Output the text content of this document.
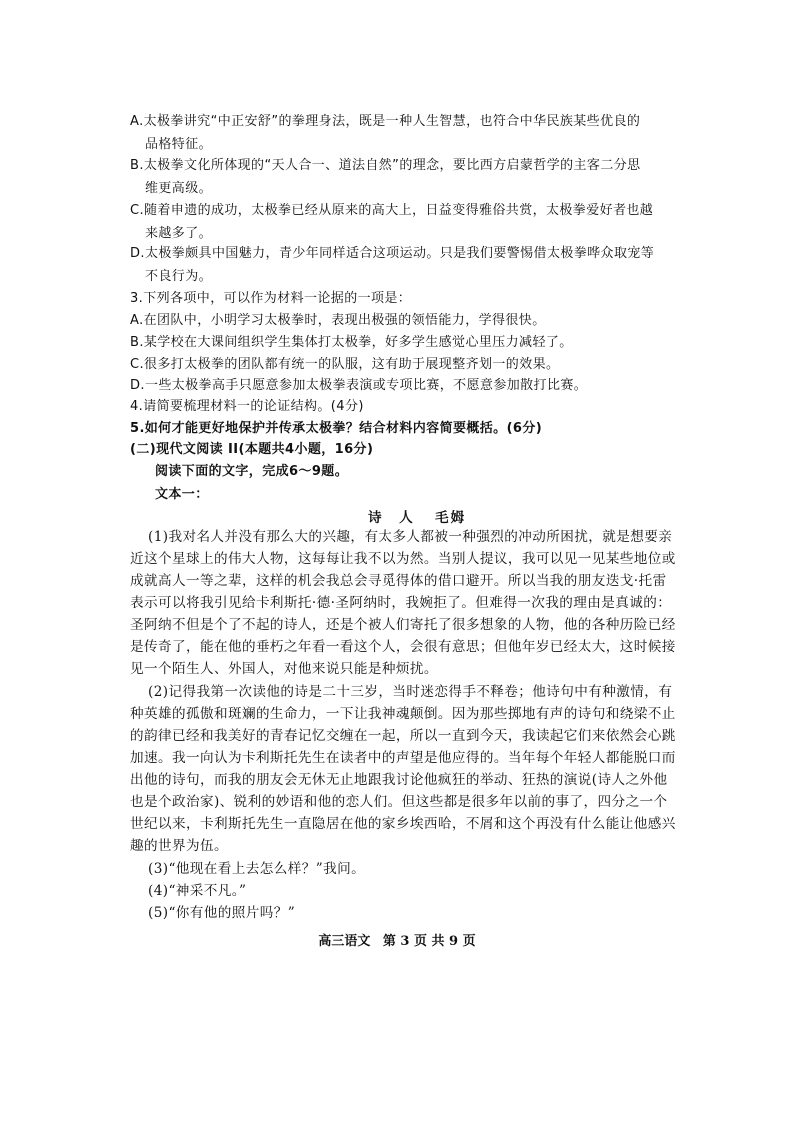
A.太极拳讲究“中正安舒”的拳理身法，既是一种人生智慧，也符合中华民族某些优良的
品格特征。
B.太极拳文化所体现的“天人合一、道法自然”的理念，要比西方启蒙哲学的主客二分思
维更高级。
C.随着申遗的成功，太极拳已经从原来的高大上，日益变得雅俗共赏，太极拳爱好者也越
来越多了。
D.太极拳颇具中国魅力，青少年同样适合这项运动。只是我们要警惕借太极拳哗众取宠等
不良行为。
3.下列各项中，可以作为材料一论据的一项是：
A.在团队中，小明学习太极拳时，表现出极强的领悟能力，学得很快。
B.某学校在大课间组织学生集体打太极拳，好多学生感觉心里压力减轻了。
C.很多打太极拳的团队都有统一的队服，这有助于展现整齐划一的效果。
D.一些太极拳高手只愿意参加太极拳表演或专项比赛，不愿意参加散打比赛。
4.请简要梳理材料一的论证结构。(4分)
5.如何才能更好地保护并传承太极拳？结合材料内容简要概括。(6分)
(二)现代文阅读 II(本题共4小题，16分)
阅读下面的文字，完成6～9题。
文本一：
诗　人 毛姆
(1)我对名人并没有那么大的兴趣，有太多人都被一种强烈的冲动所困扰，就是想要亲
近这个星球上的伟大人物，这每每让我不以为然。当别人提议，我可以见一见某些地位或
成就高人一等之辈，这样的机会我总会寻觅得体的借口避开。所以当我的朋友迭戈·托雷
表示可以将我引见给卡利斯托·德·圣阿纳时，我婉拒了。但难得一次我的理由是真诚的：
圣阿纳不但是个了不起的诗人，还是个被人们寄托了很多想象的人物，他的各种历险已经
是传奇了，能在他的垂朽之年看一看这个人，会很有意思；但他年岁已经太大，这时候接
见一个陌生人、外国人，对他来说只能是种烦扰。
(2)记得我第一次读他的诗是二十三岁，当时迷恋得手不释卷；他诗句中有种激情，有
种英雄的孤傲和斑斓的生命力，一下让我神魂颠倒。因为那些掷地有声的诗句和绕梁不止
的韵律已经和我美好的青春记忆交缠在一起，所以一直到今天，我读起它们来依然会心跳
加速。我一向认为卡利斯托先生在读者中的声望是他应得的。当年每个年轻人都能脱口而
出他的诗句，而我的朋友会无休无止地跟我讨论他疯狂的举动、狂热的演说(诗人之外他
也是个政治家)、锐利的妙语和他的恋人们。但这些都是很多年以前的事了，四分之一个
世纪以来，卡利斯托先生一直隐居在他的家乡埃西哈，不屑和这个再没有什么能让他感兴
趣的世界为伍。
(3)“他现在看上去怎么样？”我问。
(4)“神采不凡。”
(5)“你有他的照片吗？”
高三语文 第 3 页 共 9 页
